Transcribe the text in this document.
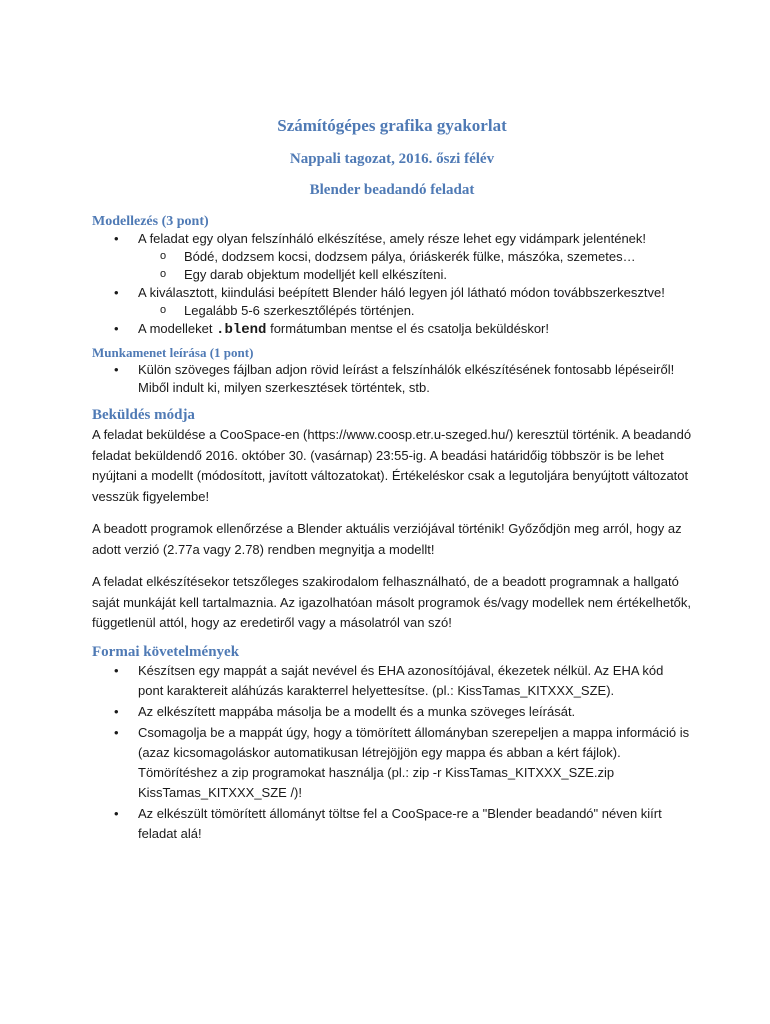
Számítógépes grafika gyakorlat
Nappali tagozat, 2016. őszi félév
Blender beadandó feladat
Modellezés (3 pont)
• A feladat egy olyan felszínháló elkészítése, amely része lehet egy vidámpark jelentének!
o Bódé, dodzsem kocsi, dodzsem pálya, óriáskerék fülke, mászóka, szemetes…
o Egy darab objektum modelljét kell elkészíteni.
• A kiválasztott, kiindulási beépített Blender háló legyen jól látható módon továbbszerkesztve!
o Legalább 5-6 szerkesztőlépés történjen.
• A modelleket .blend formátumban mentse el és csatolja beküldéskor!
Munkamenet leírása (1 pont)
• Külön szöveges fájlban adjon rövid leírást a felszínhálók elkészítésének fontosabb lépéseiről! Miből indult ki, milyen szerkesztések történtek, stb.
Beküldés módja

A feladat beküldése a CooSpace-en (https://www.coosp.etr.u-szeged.hu/) keresztül történik. A beadandó feladat beküldendő 2016. október 30. (vasárnap) 23:55-ig. A beadási határidőig többször is be lehet nyújtani a modellt (módosított, javított változatokat). Értékeléskor csak a legutoljára benyújtott változatot vesszük figyelembe!

A beadott programok ellenőrzése a Blender aktuális verziójával történik! Győződjön meg arról, hogy az adott verzió (2.77a vagy 2.78) rendben megnyitja a modellt!

A feladat elkészítésekor tetszőleges szakirodalom felhasználható, de a beadott programnak a hallgató saját munkáját kell tartalmaznia. Az igazolhatóan másolt programok és/vagy modellek nem értékelhetők, függetlenül attól, hogy az eredetiről vagy a másolatról van szó!

Formai követelmények
• Készítsen egy mappát a saját nevével és EHA azonosítójával, ékezetek nélkül. Az EHA kód pont karaktereit aláhúzás karakterrel helyettesítse. (pl.: KissTamas_KITXXX_SZE).
• Az elkészített mappába másolja be a modellt és a munka szöveges leírását.
• Csomagolja be a mappát úgy, hogy a tömörített állományban szerepeljen a mappa információ is (azaz kicsomagoláskor automatikusan létrejöjjön egy mappa és abban a kért fájlok). Tömörítéshez a zip programokat használja (pl.: zip -r KissTamas_KITXXX_SZE.zip KissTamas_KITXXX_SZE /)!
• Az elkészült tömörített állományt töltse fel a CooSpace-re a "Blender beadandó" néven kiírt feladat alá!
